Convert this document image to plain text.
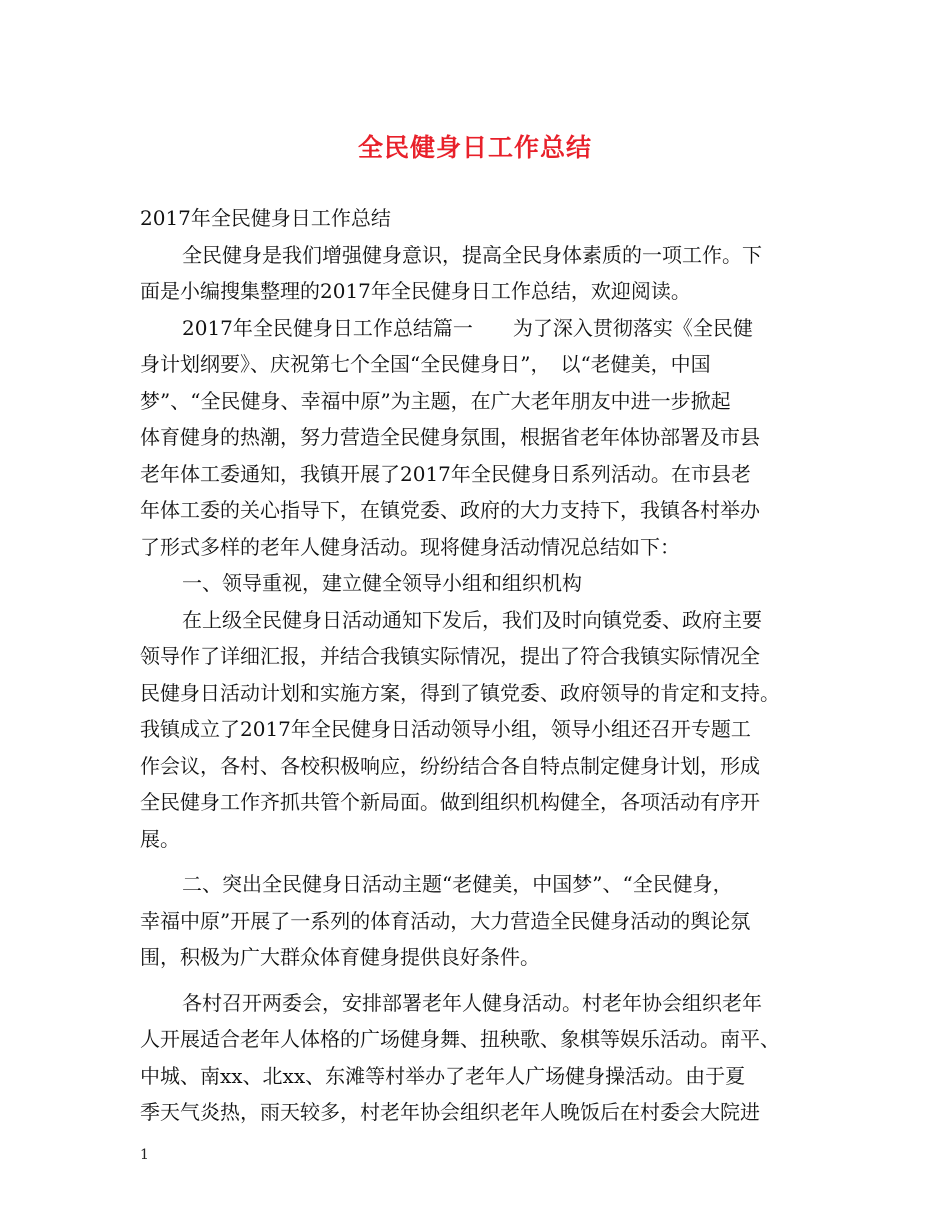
全民健身日工作总结
2017年全民健身日工作总结
全民健身是我们增强健身意识，提高全民身体素质的一项工作。下
面是小编搜集整理的2017年全民健身日工作总结，欢迎阅读。
2017年全民健身日工作总结篇一　　为了深入贯彻落实《全民健
身计划纲要》、庆祝第七个全国“全民健身日”，　以“老健美，中国
梦”、“全民健身、幸福中原”为主题，在广大老年朋友中进一步掀起
体育健身的热潮，努力营造全民健身氛围，根据省老年体协部署及市县
老年体工委通知，我镇开展了2017年全民健身日系列活动。在市县老
年体工委的关心指导下，在镇党委、政府的大力支持下，我镇各村举办
了形式多样的老年人健身活动。现将健身活动情况总结如下：
一、领导重视，建立健全领导小组和组织机构
在上级全民健身日活动通知下发后，我们及时向镇党委、政府主要
领导作了详细汇报，并结合我镇实际情况，提出了符合我镇实际情况全
民健身日活动计划和实施方案，得到了镇党委、政府领导的肯定和支持。
我镇成立了2017年全民健身日活动领导小组，领导小组还召开专题工
作会议，各村、各校积极响应，纷纷结合各自特点制定健身计划，形成
全民健身工作齐抓共管个新局面。做到组织机构健全，各项活动有序开
展。
二、突出全民健身日活动主题“老健美，中国梦”、“全民健身，
幸福中原”开展了一系列的体育活动，大力营造全民健身活动的舆论氛
围，积极为广大群众体育健身提供良好条件。
各村召开两委会，安排部署老年人健身活动。村老年协会组织老年
人开展适合老年人体格的广场健身舞、扭秧歌、象棋等娱乐活动。南平、
中城、南xx、北xx、东滩等村举办了老年人广场健身操活动。由于夏
季天气炎热，雨天较多，村老年协会组织老年人晚饭后在村委会大院进
1
